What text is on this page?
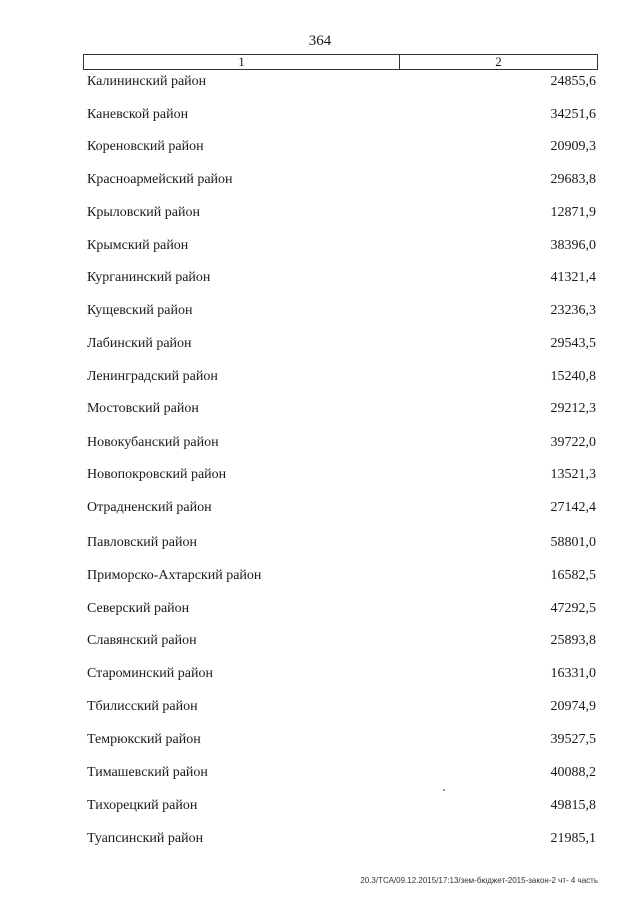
364
1	2
Калининский район	24855,6
Каневской район	34251,6
Кореновский район	20909,3
Красноармейский район	29683,8
Крыловский район	12871,9
Крымский район	38396,0
Курганинский район	41321,4
Кущевский район	23236,3
Лабинский район	29543,5
Ленинградский район	15240,8
Мостовский район	29212,3
Новокубанский район	39722,0
Новопокровский район	13521,3
Отрадненский район	27142,4
Павловский район	58801,0
Приморско-Ахтарский район	16582,5
Северский район	47292,5
Славянский район	25893,8
Староминский район	16331,0
Тбилисский район	20974,9
Темрюкский район	39527,5
Тимашевский район	40088,2
Тихорецкий район	49815,8
Туапсинский район	21985,1
20.3/ТСА/09.12.2015/17:13/зем-бюджет-2015-закон-2 чт- 4 часть
